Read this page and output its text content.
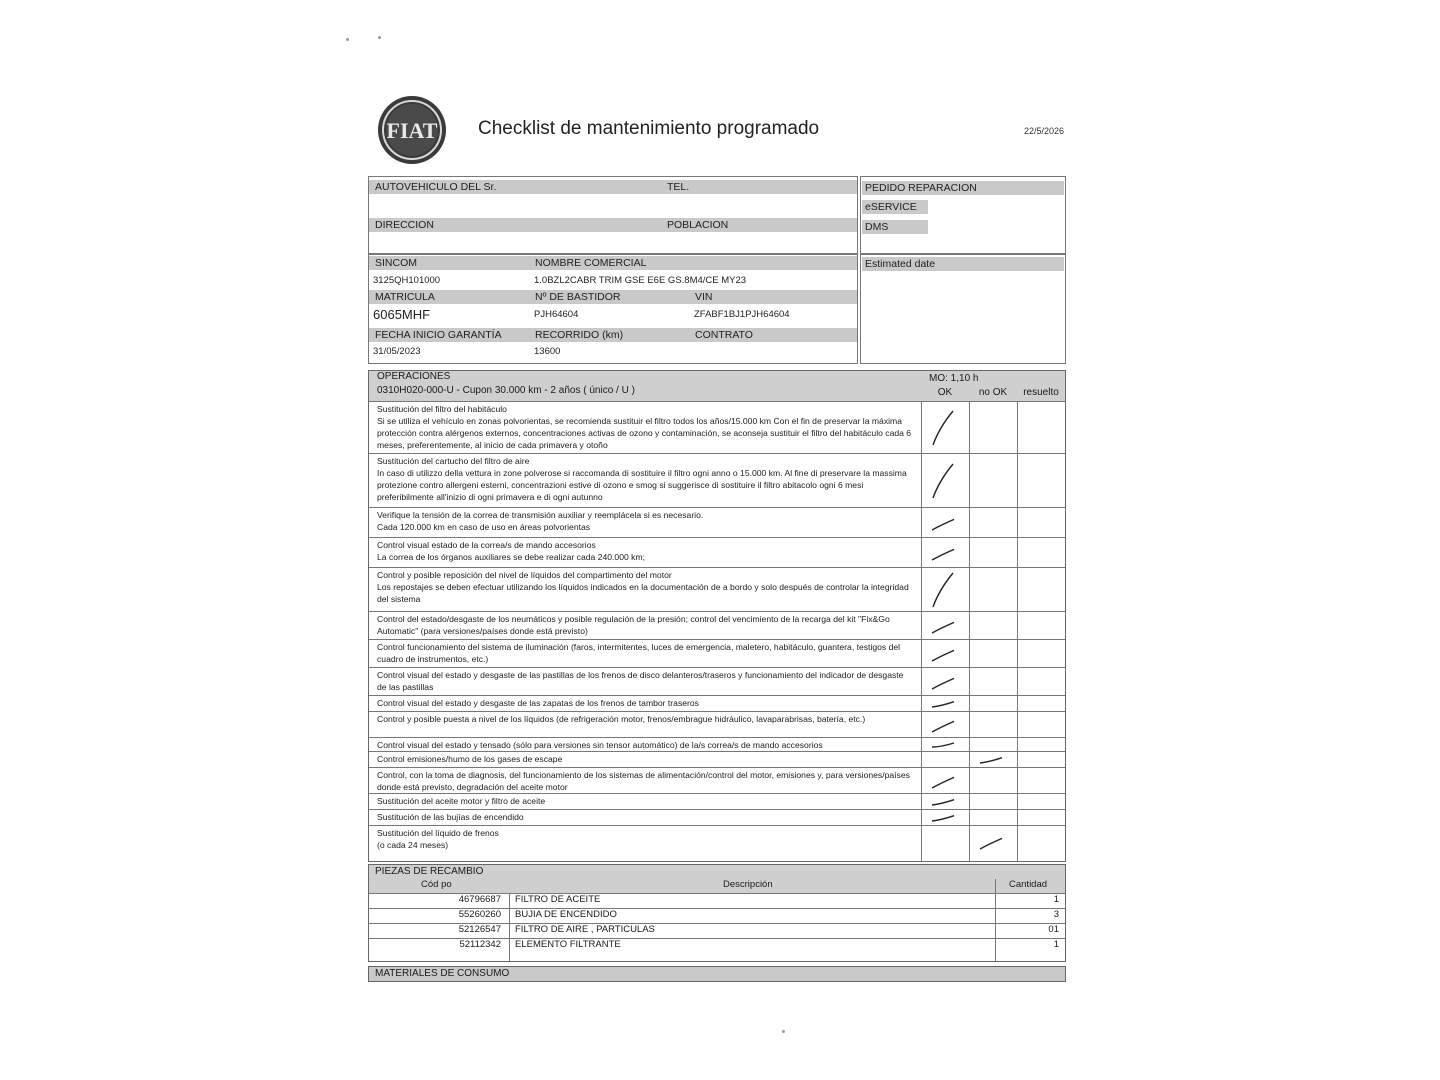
FIAT Checklist de mantenimiento programado	22/5/2026
AUTOVEHICULO DEL Sr.	TEL.
DIRECCION	POBLACION
PEDIDO REPARACION
eSERVICE
DMS
SINCOM	NOMBRE COMERCIAL
3125QH101000	1.0BZL2CABR TRIM GSE E6E GS.8M4/CE MY23
MATRICULA	Nº DE BASTIDOR	VIN
6065MHF	PJH64604	ZFABF1BJ1PJH64604
FECHA INICIO GARANTÍA	RECORRIDO (km)	CONTRATO
31/05/2023	13600
Estimated date
OPERACIONES
0310H020-000-U - Cupon 30.000 km - 2 años ( único / U )
MO: 1,10 h
OK	no OK	resuelto
Sustitución del filtro del habitáculo
Si se utiliza el vehículo en zonas polvorientas, se recomienda sustituir el filtro todos los años/15.000 km Con el fin de preservar la máxima protección contra alérgenos externos, concentraciones activas de ozono y contaminación, se aconseja sustituir el filtro del habitáculo cada 6 meses, preferentemente, al inicio de cada primavera y otoño
Sustitución del cartucho del filtro de aire
In caso di utilizzo della vettura in zone polverose si raccomanda di sostituire il filtro ogni anno o 15.000 km. Al fine di preservare la massima protezione contro allergeni esterni, concentrazioni estive di ozono e smog si suggerisce di sostituire il filtro abitacolo ogni 6 mesi preferibilmente all'inizio di ogni primavera e di ogni autunno
Verifique la tensión de la correa de transmisión auxiliar y reemplácela si es necesario.
Cada 120.000 km en caso de uso en áreas polvorientas
Control visual estado de la correa/s de mando accesorios
La correa de los órganos auxiliares se debe realizar cada 240.000 km;
Control y posible reposición del nivel de líquidos del compartimento del motor
Los repostajes se deben efectuar utilizando los líquidos indicados en la documentación de a bordo y solo después de controlar la integridad del sistema
Control del estado/desgaste de los neumáticos y posible regulación de la presión; control del vencimiento de la recarga del kit "Fix&Go Automatic" (para versiones/países donde está previsto)
Control funcionamiento del sistema de iluminación (faros, intermitentes, luces de emergencia, maletero, habitáculo, guantera, testigos del cuadro de instrumentos, etc.)
Control visual del estado y desgaste de las pastillas de los frenos de disco delanteros/traseros y funcionamiento del indicador de desgaste de las pastillas
Control visual del estado y desgaste de las zapatas de los frenos de tambor traseros
Control y posible puesta a nivel de los líquidos (de refrigeración motor, frenos/embrague hidráulico, lavaparabrisas, batería, etc.)
Control visual del estado y tensado (sólo para versiones sin tensor automático) de la/s correa/s de mando accesorios
Control emisiones/humo de los gases de escape
Control, con la toma de diagnosis, del funcionamiento de los sistemas de alimentación/control del motor, emisiones y, para versiones/países donde está previsto, degradación del aceite motor
Sustitución del aceite motor y filtro de aceite
Sustitución de las bujías de encendido
Sustitución del líquido de frenos
(o cada 24 meses)
PIEZAS DE RECAMBIO
Cód po	Descripción	Cantidad
46796687 FILTRO DE ACEITE	1
55260260 BUJIA DE ENCENDIDO	3
52126547 FILTRO DE AIRE , PARTICULAS	01
52112342 ELEMENTO FILTRANTE	1
MATERIALES DE CONSUMO
